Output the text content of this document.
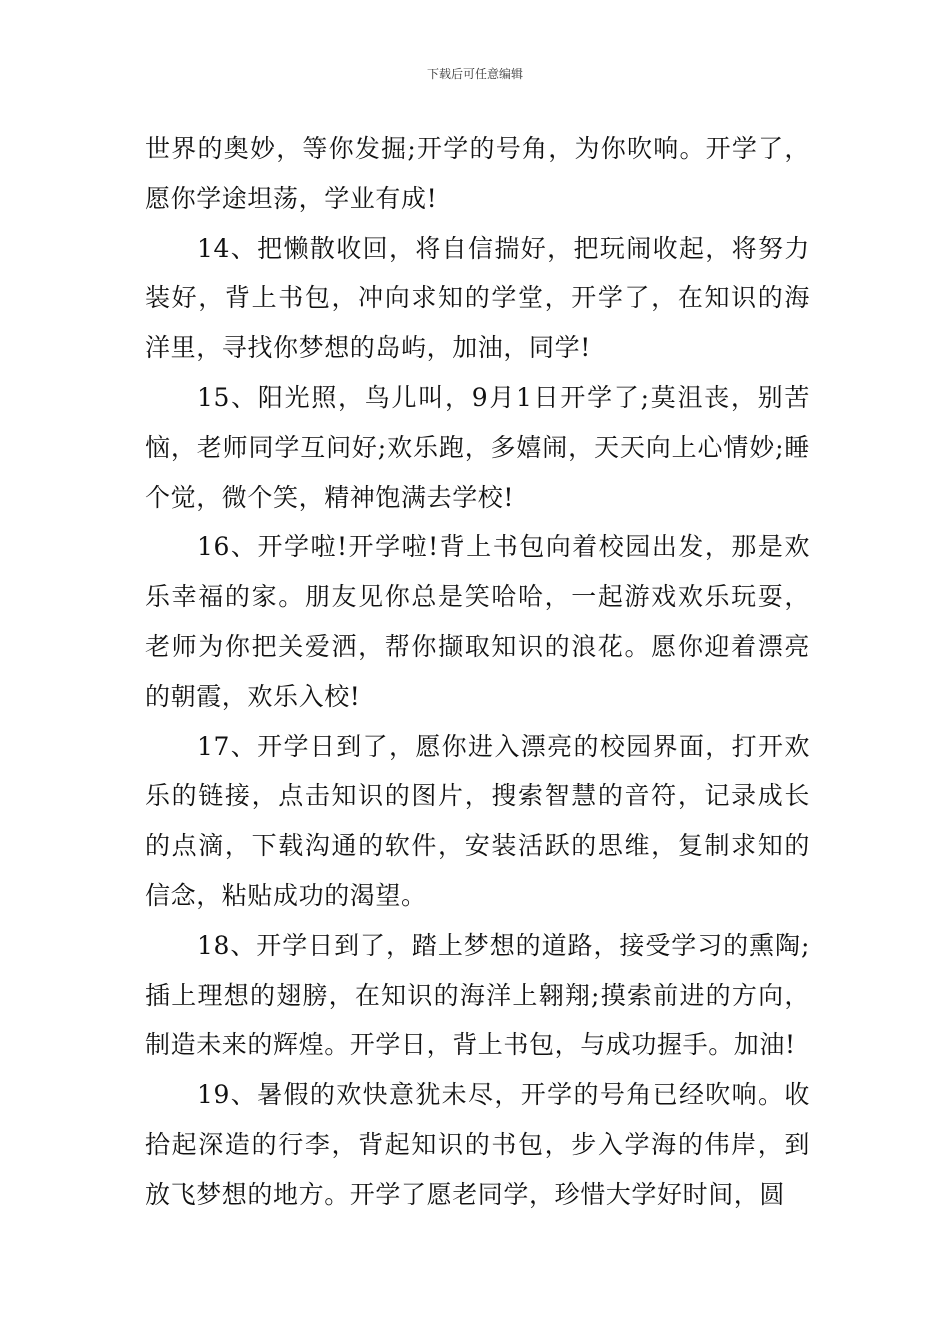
下载后可任意编辑

世界的奥妙，等你发掘;开学的号角，为你吹响。开学了，愿你学途坦荡，学业有成!

14、把懒散收回，将自信揣好，把玩闹收起，将努力装好，背上书包，冲向求知的学堂，开学了，在知识的海洋里，寻找你梦想的岛屿，加油，同学!

15、阳光照，鸟儿叫，9月1日开学了;莫沮丧，别苦恼，老师同学互问好;欢乐跑，多嬉闹，天天向上心情妙;睡个觉，微个笑，精神饱满去学校!

16、开学啦!开学啦!背上书包向着校园出发，那是欢乐幸福的家。朋友见你总是笑哈哈，一起游戏欢乐玩耍，老师为你把关爱洒，帮你撷取知识的浪花。愿你迎着漂亮的朝霞，欢乐入校!

17、开学日到了，愿你进入漂亮的校园界面，打开欢乐的链接，点击知识的图片，搜索智慧的音符，记录成长的点滴，下载沟通的软件，安装活跃的思维，复制求知的信念，粘贴成功的渴望。

18、开学日到了，踏上梦想的道路，接受学习的熏陶;插上理想的翅膀，在知识的海洋上翱翔;摸索前进的方向，制造未来的辉煌。开学日，背上书包，与成功握手。加油!

19、暑假的欢快意犹未尽，开学的号角已经吹响。收拾起深造的行李，背起知识的书包，步入学海的伟岸，到放飞梦想的地方。开学了愿老同学，珍惜大学好时间，圆
